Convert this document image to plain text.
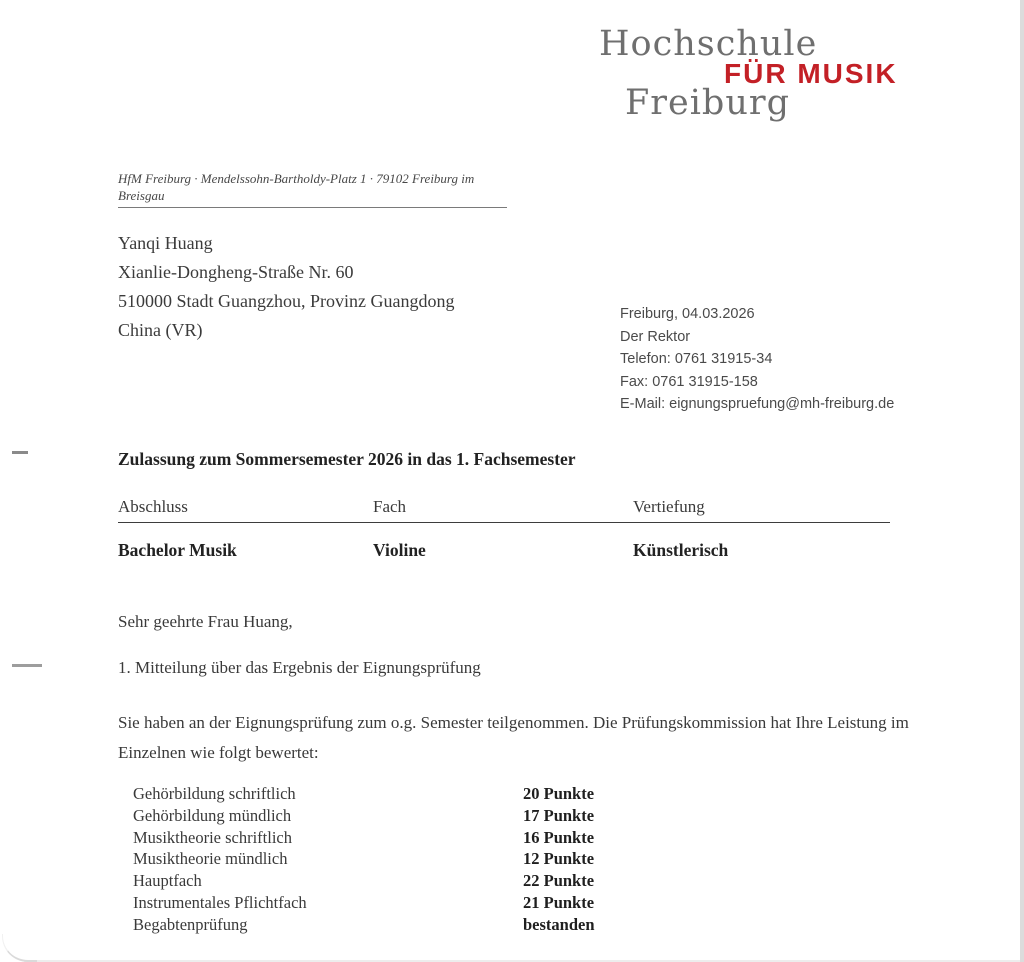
Hochschule
FÜR MUSIK
Freiburg
HfM Freiburg · Mendelssohn-Bartholdy-Platz 1 · 79102 Freiburg im Breisgau
Yanqi Huang
Xianlie-Dongheng-Straße Nr. 60
510000 Stadt Guangzhou, Provinz Guangdong
China (VR)
Freiburg, 04.03.2026
Der Rektor
Telefon: 0761 31915-34
Fax: 0761 31915-158
E-Mail: eignungspruefung@mh-freiburg.de
Zulassung zum Sommersemester 2026 in das 1. Fachsemester
Abschluss	Fach	Vertiefung
Bachelor Musik	Violine	Künstlerisch
Sehr geehrte Frau Huang,
1. Mitteilung über das Ergebnis der Eignungsprüfung
Sie haben an der Eignungsprüfung zum o.g. Semester teilgenommen. Die Prüfungskommission hat Ihre Leistung im Einzelnen wie folgt bewertet:
Gehörbildung schriftlich	20 Punkte
Gehörbildung mündlich	17 Punkte
Musiktheorie schriftlich	16 Punkte
Musiktheorie mündlich	12 Punkte
Hauptfach	22 Punkte
Instrumentales Pflichtfach	21 Punkte
Begabtenprüfung	bestanden
